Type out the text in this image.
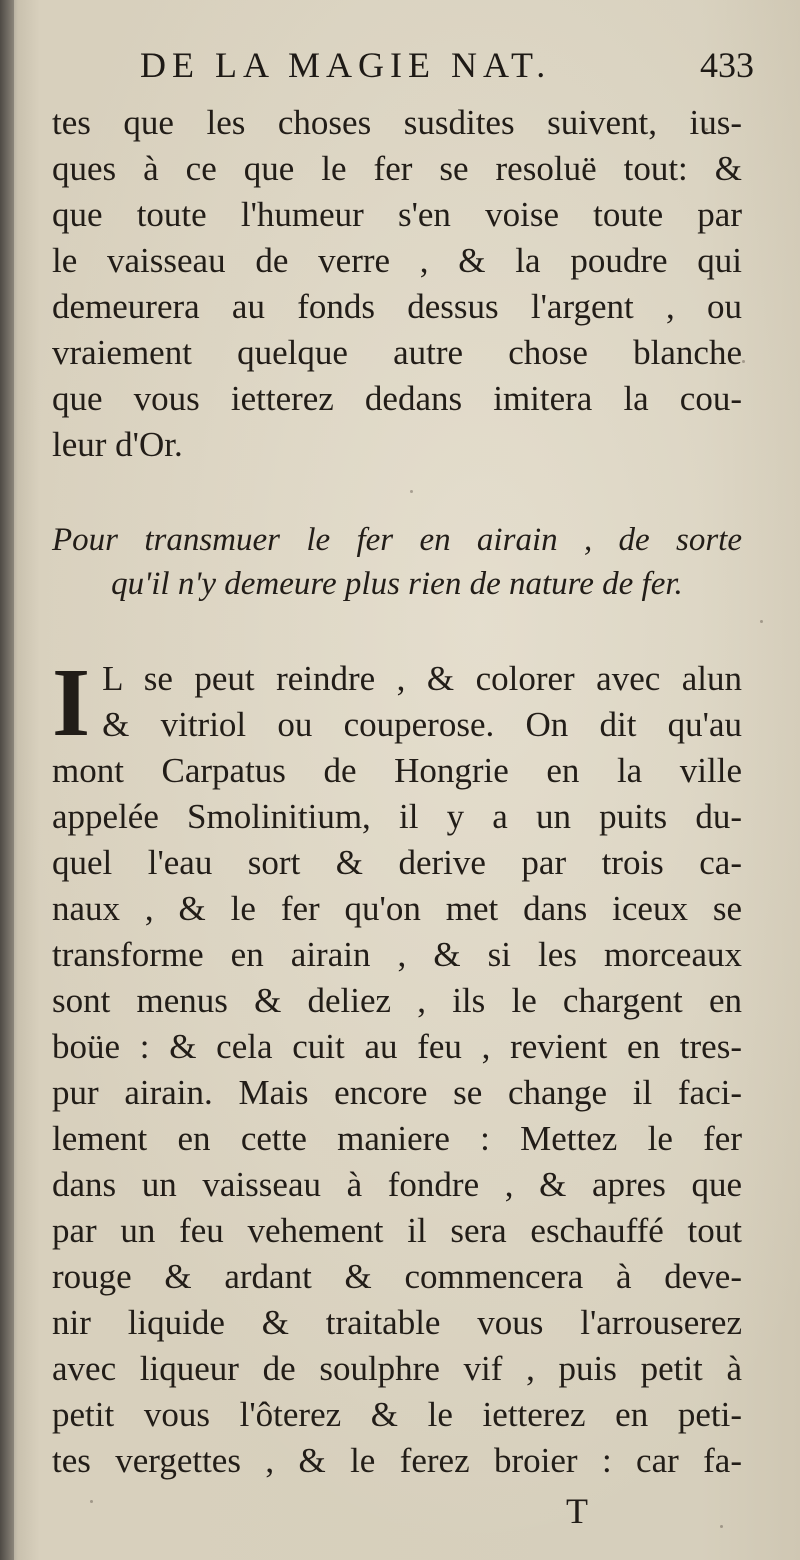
DE LA MAGIE NAT.	433
tes que les choses susdites suivent, ius-
ques à ce que le fer se resoluë tout: &
que toute l'humeur s'en voise toute par
le vaisseau de verre , & la poudre qui
demeurera au fonds dessus l'argent , ou
vraiement quelque autre chose blanche
que vous ietterez dedans imitera la cou-
leur d'Or.
Pour transmuer le fer en airain , de sorte
qu'il n'y demeure plus rien de nature de fer.
I L se peut reindre , & colorer avec alun
& vitriol ou couperose. On dit qu'au
mont Carpatus de Hongrie en la ville
appelée Smolinitium, il y a un puits du-
quel l'eau sort & derive par trois ca-
naux , & le fer qu'on met dans iceux se
transforme en airain , & si les morceaux
sont menus & deliez , ils le chargent en
boüe : & cela cuit au feu , revient en tres-
pur airain. Mais encore se change il faci-
lement en cette maniere : Mettez le fer
dans un vaisseau à fondre , & apres que
par un feu vehement il sera eschauffé tout
rouge & ardant & commencera à deve-
nir liquide & traitable vous l'arrouserez
avec liqueur de soulphre vif , puis petit à
petit vous l'ôterez & le ietterez en peti-
tes vergettes , & le ferez broier : car fa-
T
